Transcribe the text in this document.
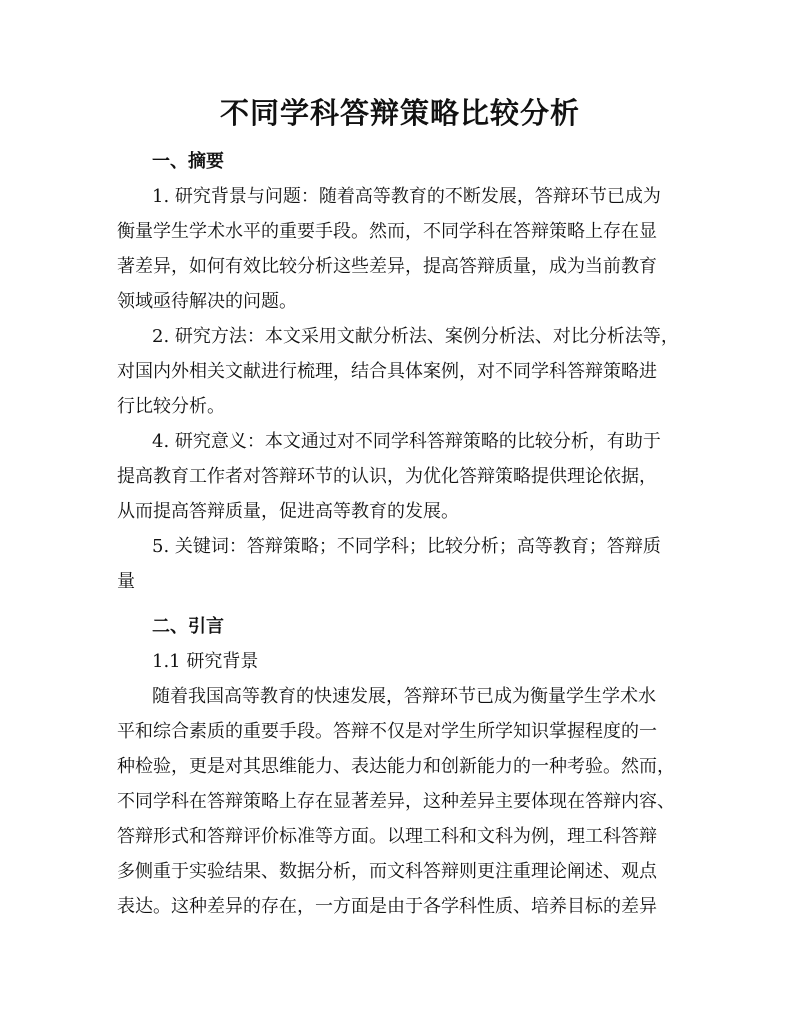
不同学科答辩策略比较分析
一、摘要
1. 研究背景与问题：随着高等教育的不断发展，答辩环节已成为
衡量学生学术水平的重要手段。然而，不同学科在答辩策略上存在显
著差异，如何有效比较分析这些差异，提高答辩质量，成为当前教育
领域亟待解决的问题。
2. 研究方法：本文采用文献分析法、案例分析法、对比分析法等，
对国内外相关文献进行梳理，结合具体案例，对不同学科答辩策略进
行比较分析。
4. 研究意义：本文通过对不同学科答辩策略的比较分析，有助于
提高教育工作者对答辩环节的认识，为优化答辩策略提供理论依据，
从而提高答辩质量，促进高等教育的发展。
5. 关键词：答辩策略；不同学科；比较分析；高等教育；答辩质
量
二、引言
1.1 研究背景
随着我国高等教育的快速发展，答辩环节已成为衡量学生学术水
平和综合素质的重要手段。答辩不仅是对学生所学知识掌握程度的一
种检验，更是对其思维能力、表达能力和创新能力的一种考验。然而，
不同学科在答辩策略上存在显著差异，这种差异主要体现在答辩内容、
答辩形式和答辩评价标准等方面。以理工科和文科为例，理工科答辩
多侧重于实验结果、数据分析，而文科答辩则更注重理论阐述、观点
表达。这种差异的存在，一方面是由于各学科性质、培养目标的差异
